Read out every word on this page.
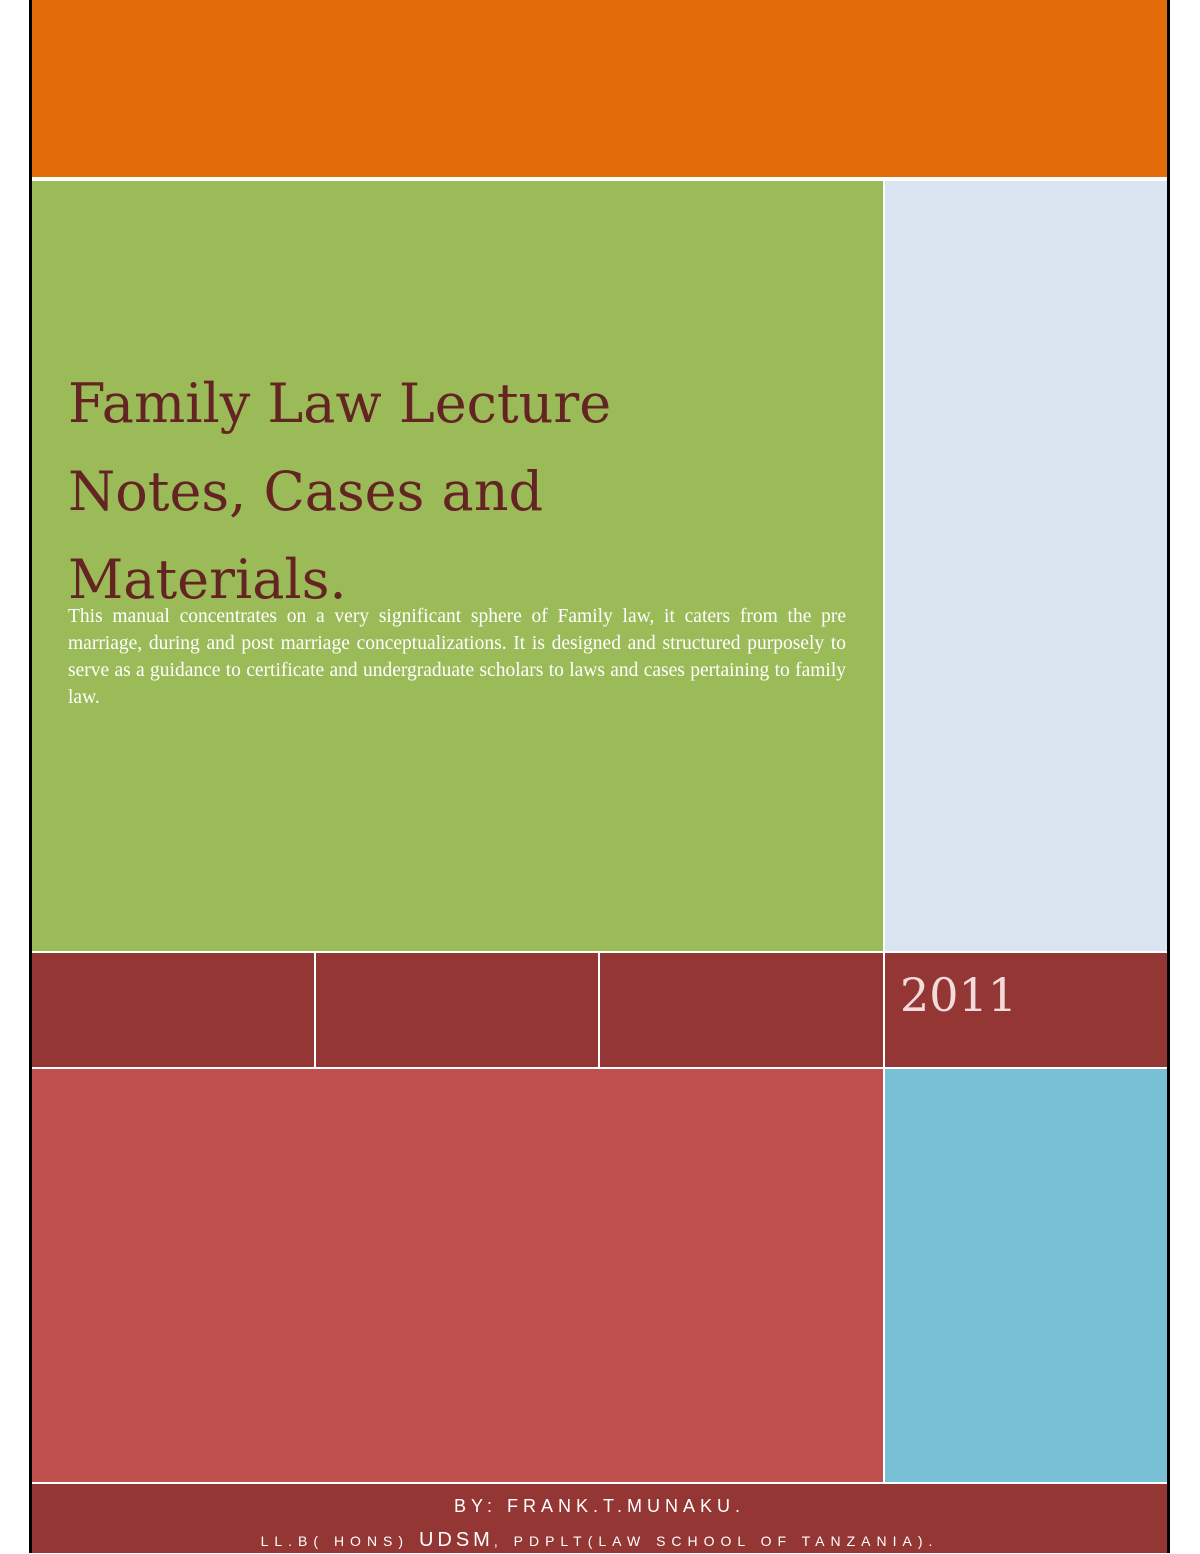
Family Law Lecture
Notes, Cases and
Materials.

This manual concentrates on a very significant sphere of Family law, it caters from the pre marriage, during and post marriage conceptualizations. It is designed and structured purposely to serve as a guidance to certificate and undergraduate scholars to laws and cases pertaining to family law.

2011

BY: FRANK.T.MUNAKU.

LL.B( HONS) UDSM, PDPLT(LAW SCHOOL OF TANZANIA).
